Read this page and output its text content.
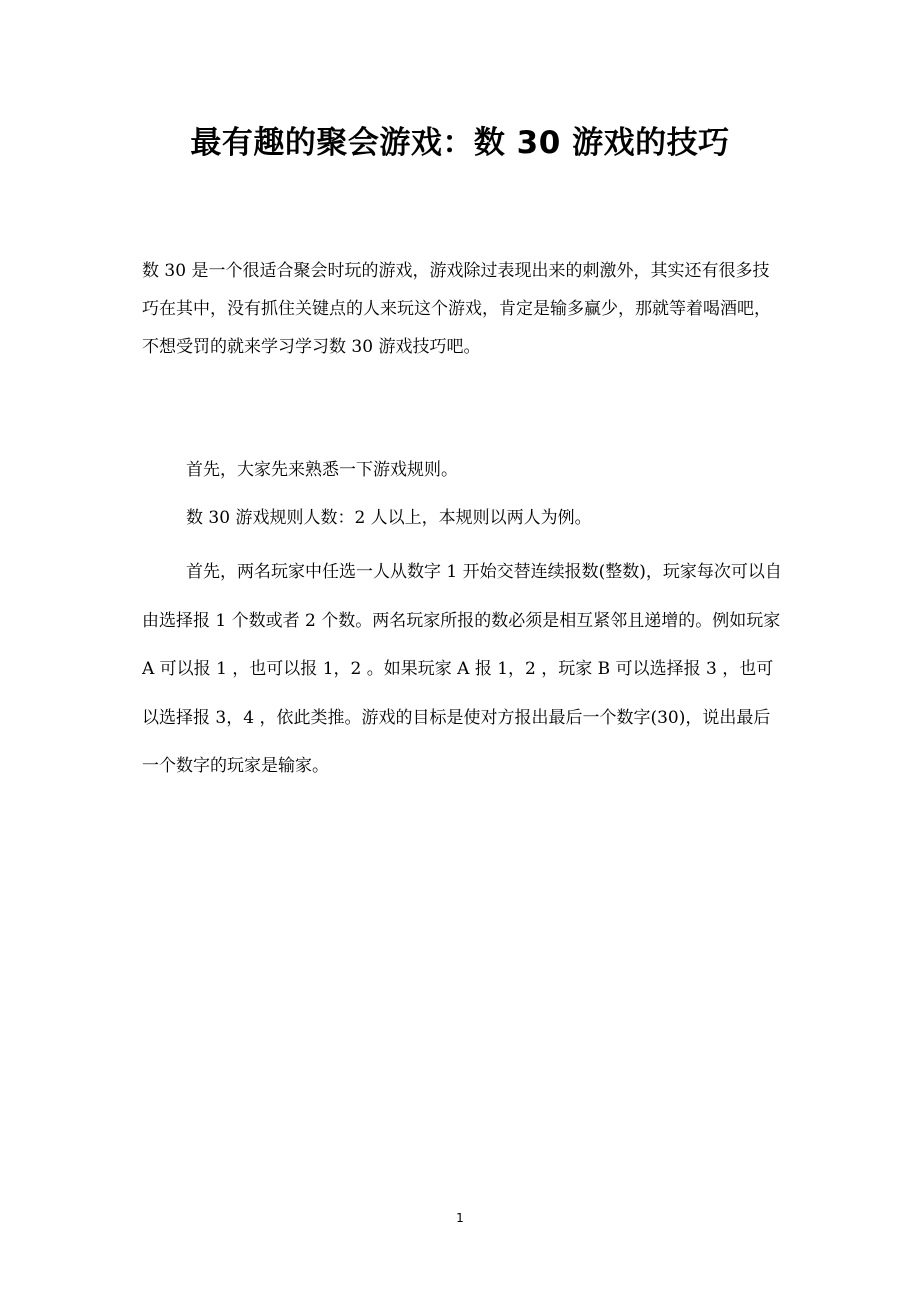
最有趣的聚会游戏：数 30 游戏的技巧

数 30 是一个很适合聚会时玩的游戏，游戏除过表现出来的刺激外，其实还有很多技巧在其中，没有抓住关键点的人来玩这个游戏，肯定是输多赢少，那就等着喝酒吧，不想受罚的就来学习学习数 30 游戏技巧吧。

首先，大家先来熟悉一下游戏规则。

数 30 游戏规则人数：2 人以上，本规则以两人为例。

首先，两名玩家中任选一人从数字 1 开始交替连续报数(整数)，玩家每次可以自由选择报 1 个数或者 2 个数。两名玩家所报的数必须是相互紧邻且递增的。例如玩家 A 可以报 1 ，也可以报 1，2 。如果玩家 A 报 1，2 ，玩家 B 可以选择报 3 ，也可以选择报 3，4 ，依此类推。游戏的目标是使对方报出最后一个数字(30)，说出最后一个数字的玩家是输家。

1
